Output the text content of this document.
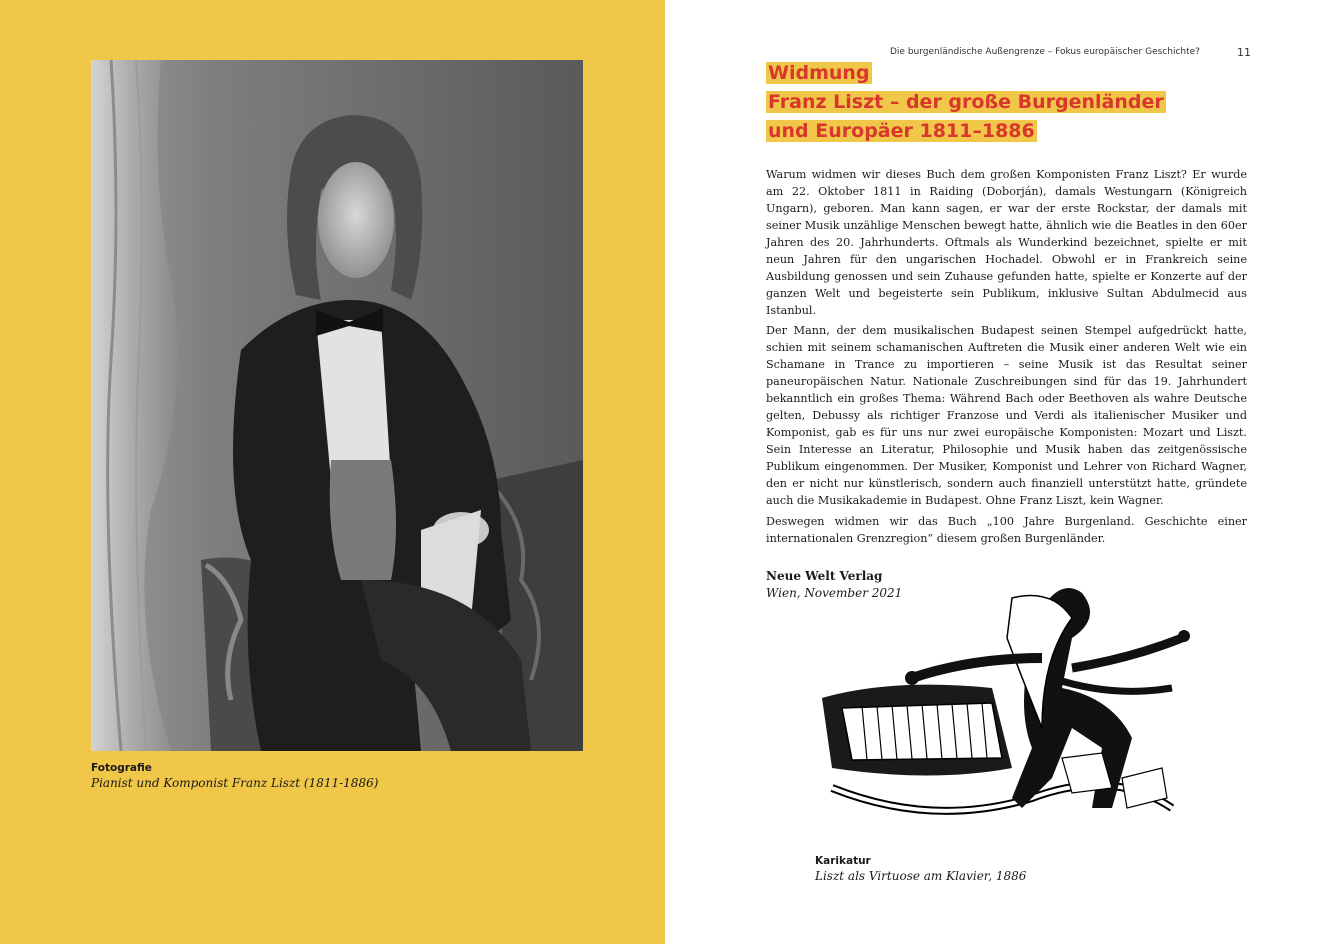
Fotografie
Pianist und Komponist Franz Liszt (1811-1886)
Die burgenländische Außengrenze – Fokus europäischer Geschichte?	11
Widmung
Franz Liszt – der große Burgenländer
und Europäer 1811–1886

Warum widmen wir dieses Buch dem großen Komponisten Franz Liszt? Er wurde am 22. Oktober 1811 in Raiding (Doborján), damals Westungarn (Königreich Ungarn), geboren. Man kann sagen, er war der erste Rockstar, der damals mit seiner Musik unzählige Menschen bewegt hatte, ähnlich wie die Beatles in den 60er Jahren des 20. Jahrhunderts. Oftmals als Wunderkind bezeichnet, spielte er mit neun Jahren für den ungarischen Hochadel. Obwohl er in Frankreich seine Ausbildung genossen und sein Zuhause gefunden hatte, spielte er Konzerte auf der ganzen Welt und begeisterte sein Publikum, inklusive Sultan Abdulmecid aus Istanbul.

Der Mann, der dem musikalischen Budapest seinen Stempel aufgedrückt hatte, schien mit seinem schamanischen Auftreten die Musik einer anderen Welt wie ein Schamane in Trance zu importieren – seine Musik ist das Resultat seiner paneuropäischen Natur. Nationale Zuschreibungen sind für das 19. Jahrhundert bekanntlich ein großes Thema: Während Bach oder Beethoven als wahre Deutsche gelten, Debussy als richtiger Franzose und Verdi als italienischer Musiker und Komponist, gab es für uns nur zwei europäische Komponisten: Mozart und Liszt. Sein Interesse an Literatur, Philosophie und Musik haben das zeitgenössische Publikum eingenommen. Der Musiker, Komponist und Lehrer von Richard Wagner, den er nicht nur künstlerisch, sondern auch finanziell unterstützt hatte, gründete auch die Musikakademie in Budapest. Ohne Franz Liszt, kein Wagner.

Deswegen widmen wir das Buch „100 Jahre Burgenland. Geschichte einer internationalen Grenzregion“ diesem großen Burgenländer.

Neue Welt Verlag
Wien, November 2021
Karikatur
Liszt als Virtuose am Klavier, 1886
